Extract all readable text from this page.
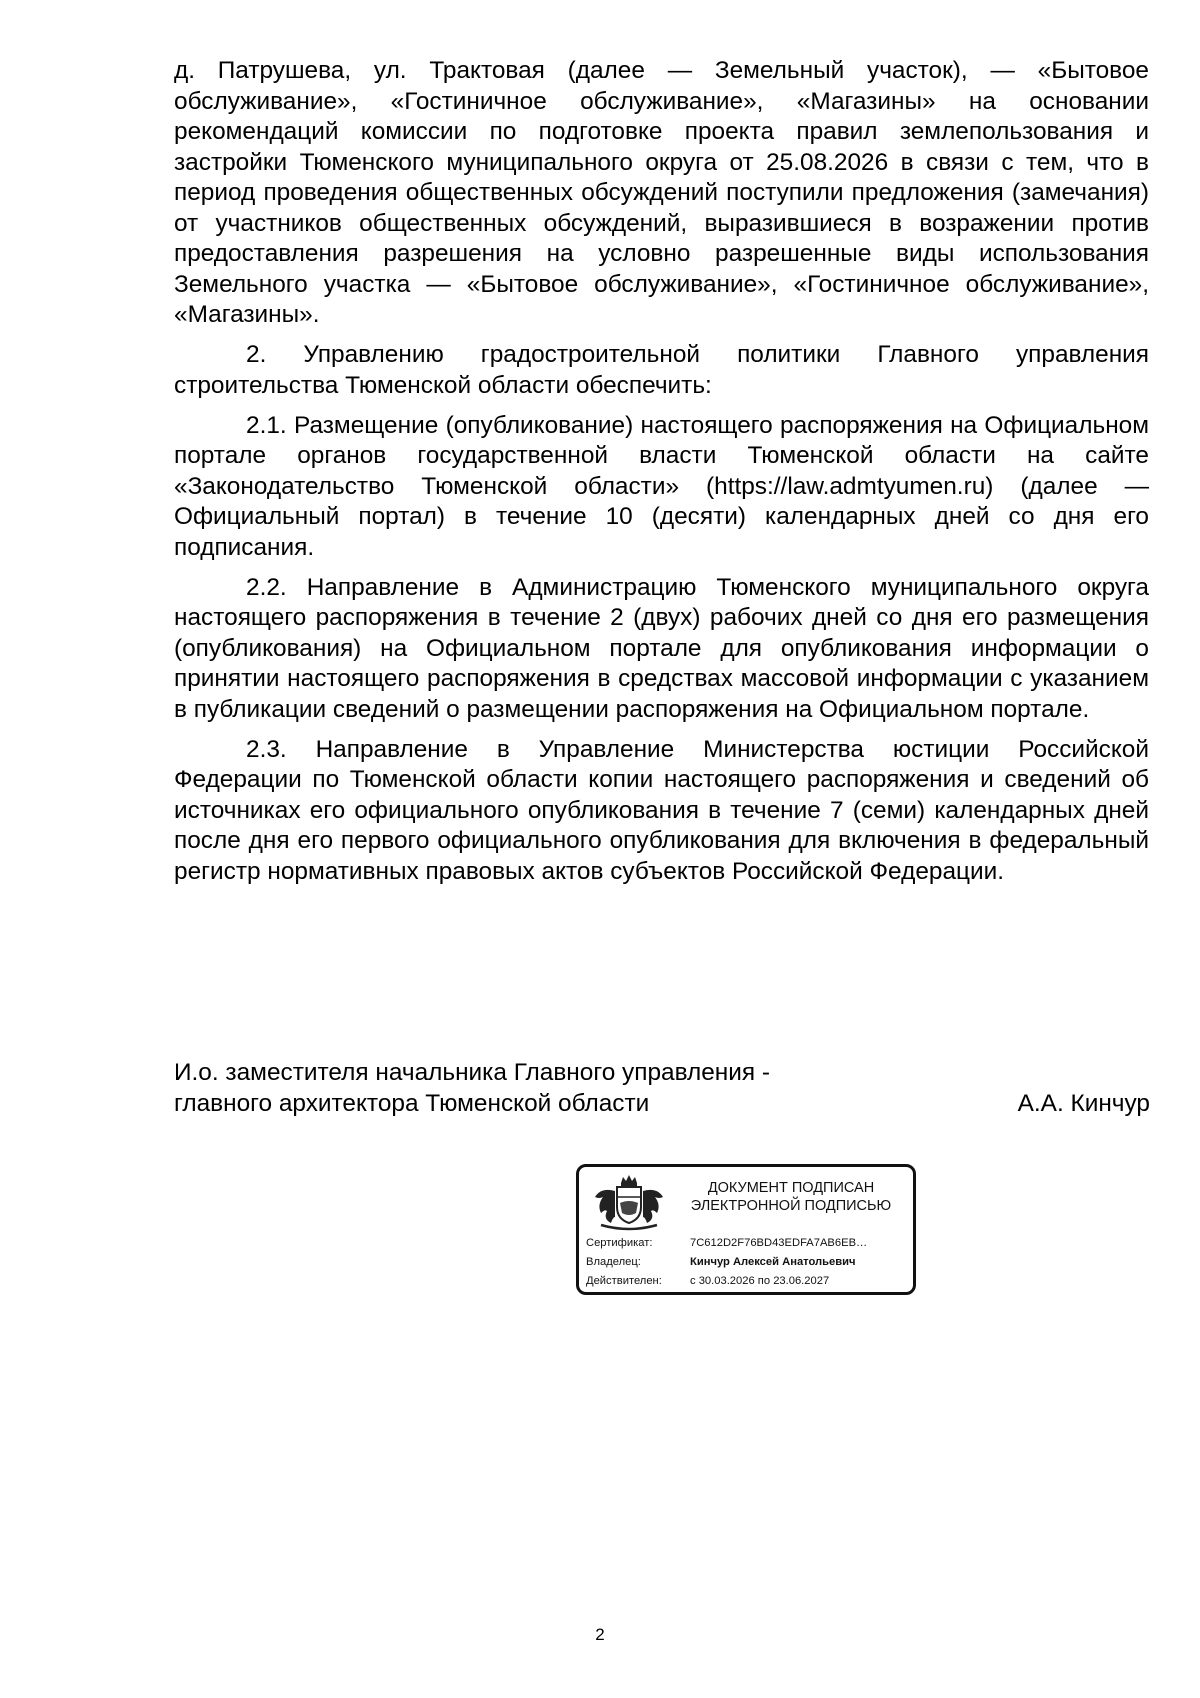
д. Патрушева, ул. Трактовая (далее — Земельный участок), — «Бытовое обслуживание», «Гостиничное обслуживание», «Магазины» на основании рекомендаций комиссии по подготовке проекта правил землепользования и застройки Тюменского муниципального округа от 25.08.2026 в связи с тем, что в период проведения общественных обсуждений поступили предложения (замечания) от участников общественных обсуждений, выразившиеся в возражении против предоставления разрешения на условно разрешенные виды использования Земельного участка — «Бытовое обслуживание», «Гостиничное обслуживание», «Магазины».

2. Управлению градостроительной политики Главного управления строительства Тюменской области обеспечить:

2.1. Размещение (опубликование) настоящего распоряжения на Официальном портале органов государственной власти Тюменской области на сайте «Законодательство Тюменской области» (https://law.admtyumen.ru) (далее — Официальный портал) в течение 10 (десяти) календарных дней со дня его подписания.

2.2. Направление в Администрацию Тюменского муниципального округа настоящего распоряжения в течение 2 (двух) рабочих дней со дня его размещения (опубликования) на Официальном портале для опубликования информации о принятии настоящего распоряжения в средствах массовой информации с указанием в публикации сведений о размещении распоряжения на Официальном портале.

2.3. Направление в Управление Министерства юстиции Российской Федерации по Тюменской области копии настоящего распоряжения и сведений об источниках его официального опубликования в течение 7 (семи) календарных дней после дня его первого официального опубликования для включения в федеральный регистр нормативных правовых актов субъектов Российской Федерации.

И.о. заместителя начальника Главного управления -
главного архитектора Тюменской области	А.А. Кинчур
ДОКУМЕНТ ПОДПИСАН
ЭЛЕКТРОННОЙ ПОДПИСЬЮ
Сертификат:	7C612D2F76BD43EDFA7AB6EB…
Владелец:	Кинчур Алексей Анатольевич
Действителен:	с 30.03.2026 по 23.06.2027
2
